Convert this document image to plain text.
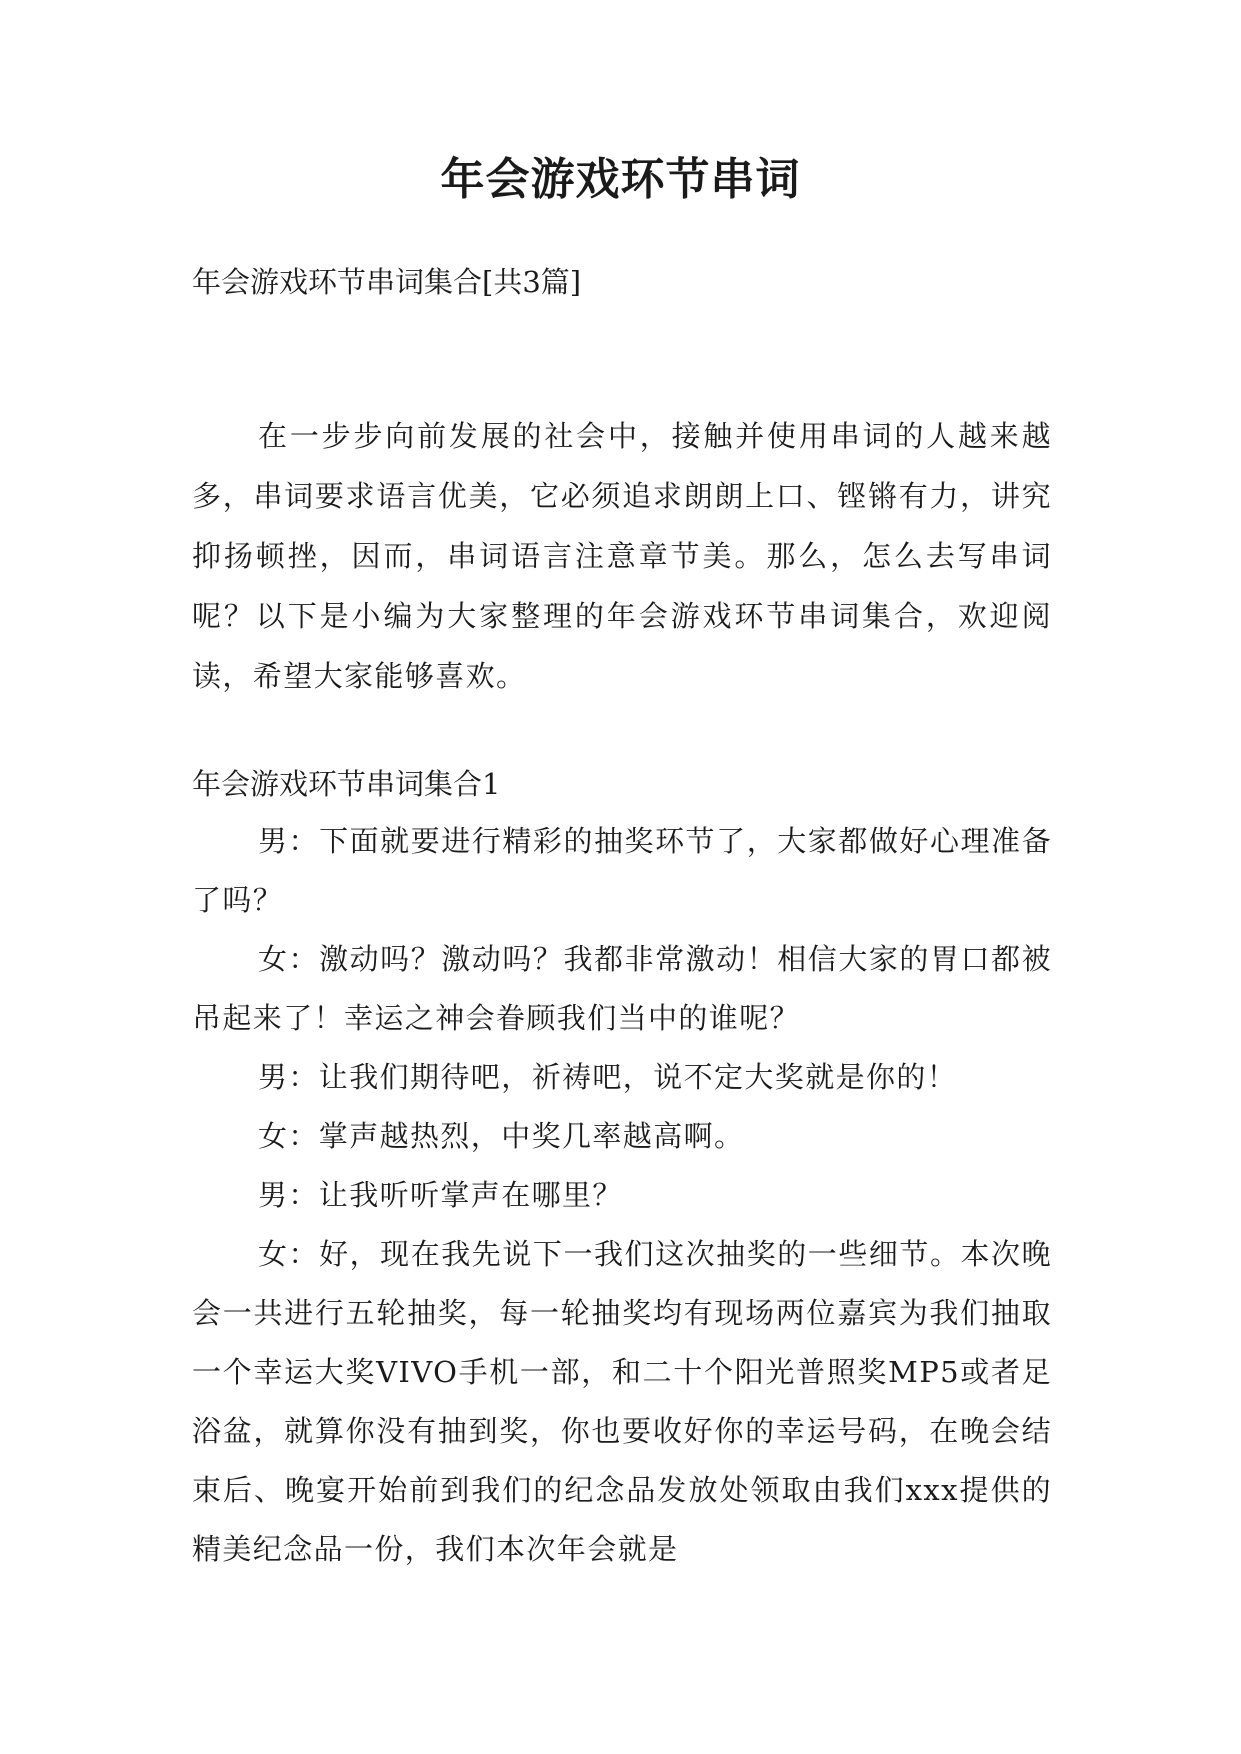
年会游戏环节串词

年会游戏环节串词集合[共3篇]

在一步步向前发展的社会中，接触并使用串词的人越来越多，串词要求语言优美，它必须追求朗朗上口、铿锵有力，讲究抑扬顿挫，因而，串词语言注意章节美。那么，怎么去写串词呢？以下是小编为大家整理的年会游戏环节串词集合，欢迎阅读，希望大家能够喜欢。

年会游戏环节串词集合1

男：下面就要进行精彩的抽奖环节了，大家都做好心理准备了吗？

女：激动吗？激动吗？我都非常激动！相信大家的胃口都被吊起来了！幸运之神会眷顾我们当中的谁呢？

男：让我们期待吧，祈祷吧，说不定大奖就是你的！

女：掌声越热烈，中奖几率越高啊。

男：让我听听掌声在哪里？

女：好，现在我先说下一我们这次抽奖的一些细节。本次晚会一共进行五轮抽奖，每一轮抽奖均有现场两位嘉宾为我们抽取一个幸运大奖VIVO手机一部，和二十个阳光普照奖MP5或者足浴盆，就算你没有抽到奖，你也要收好你的幸运号码，在晚会结束后、晚宴开始前到我们的纪念品发放处领取由我们xxx提供的精美纪念品一份，我们本次年会就是
